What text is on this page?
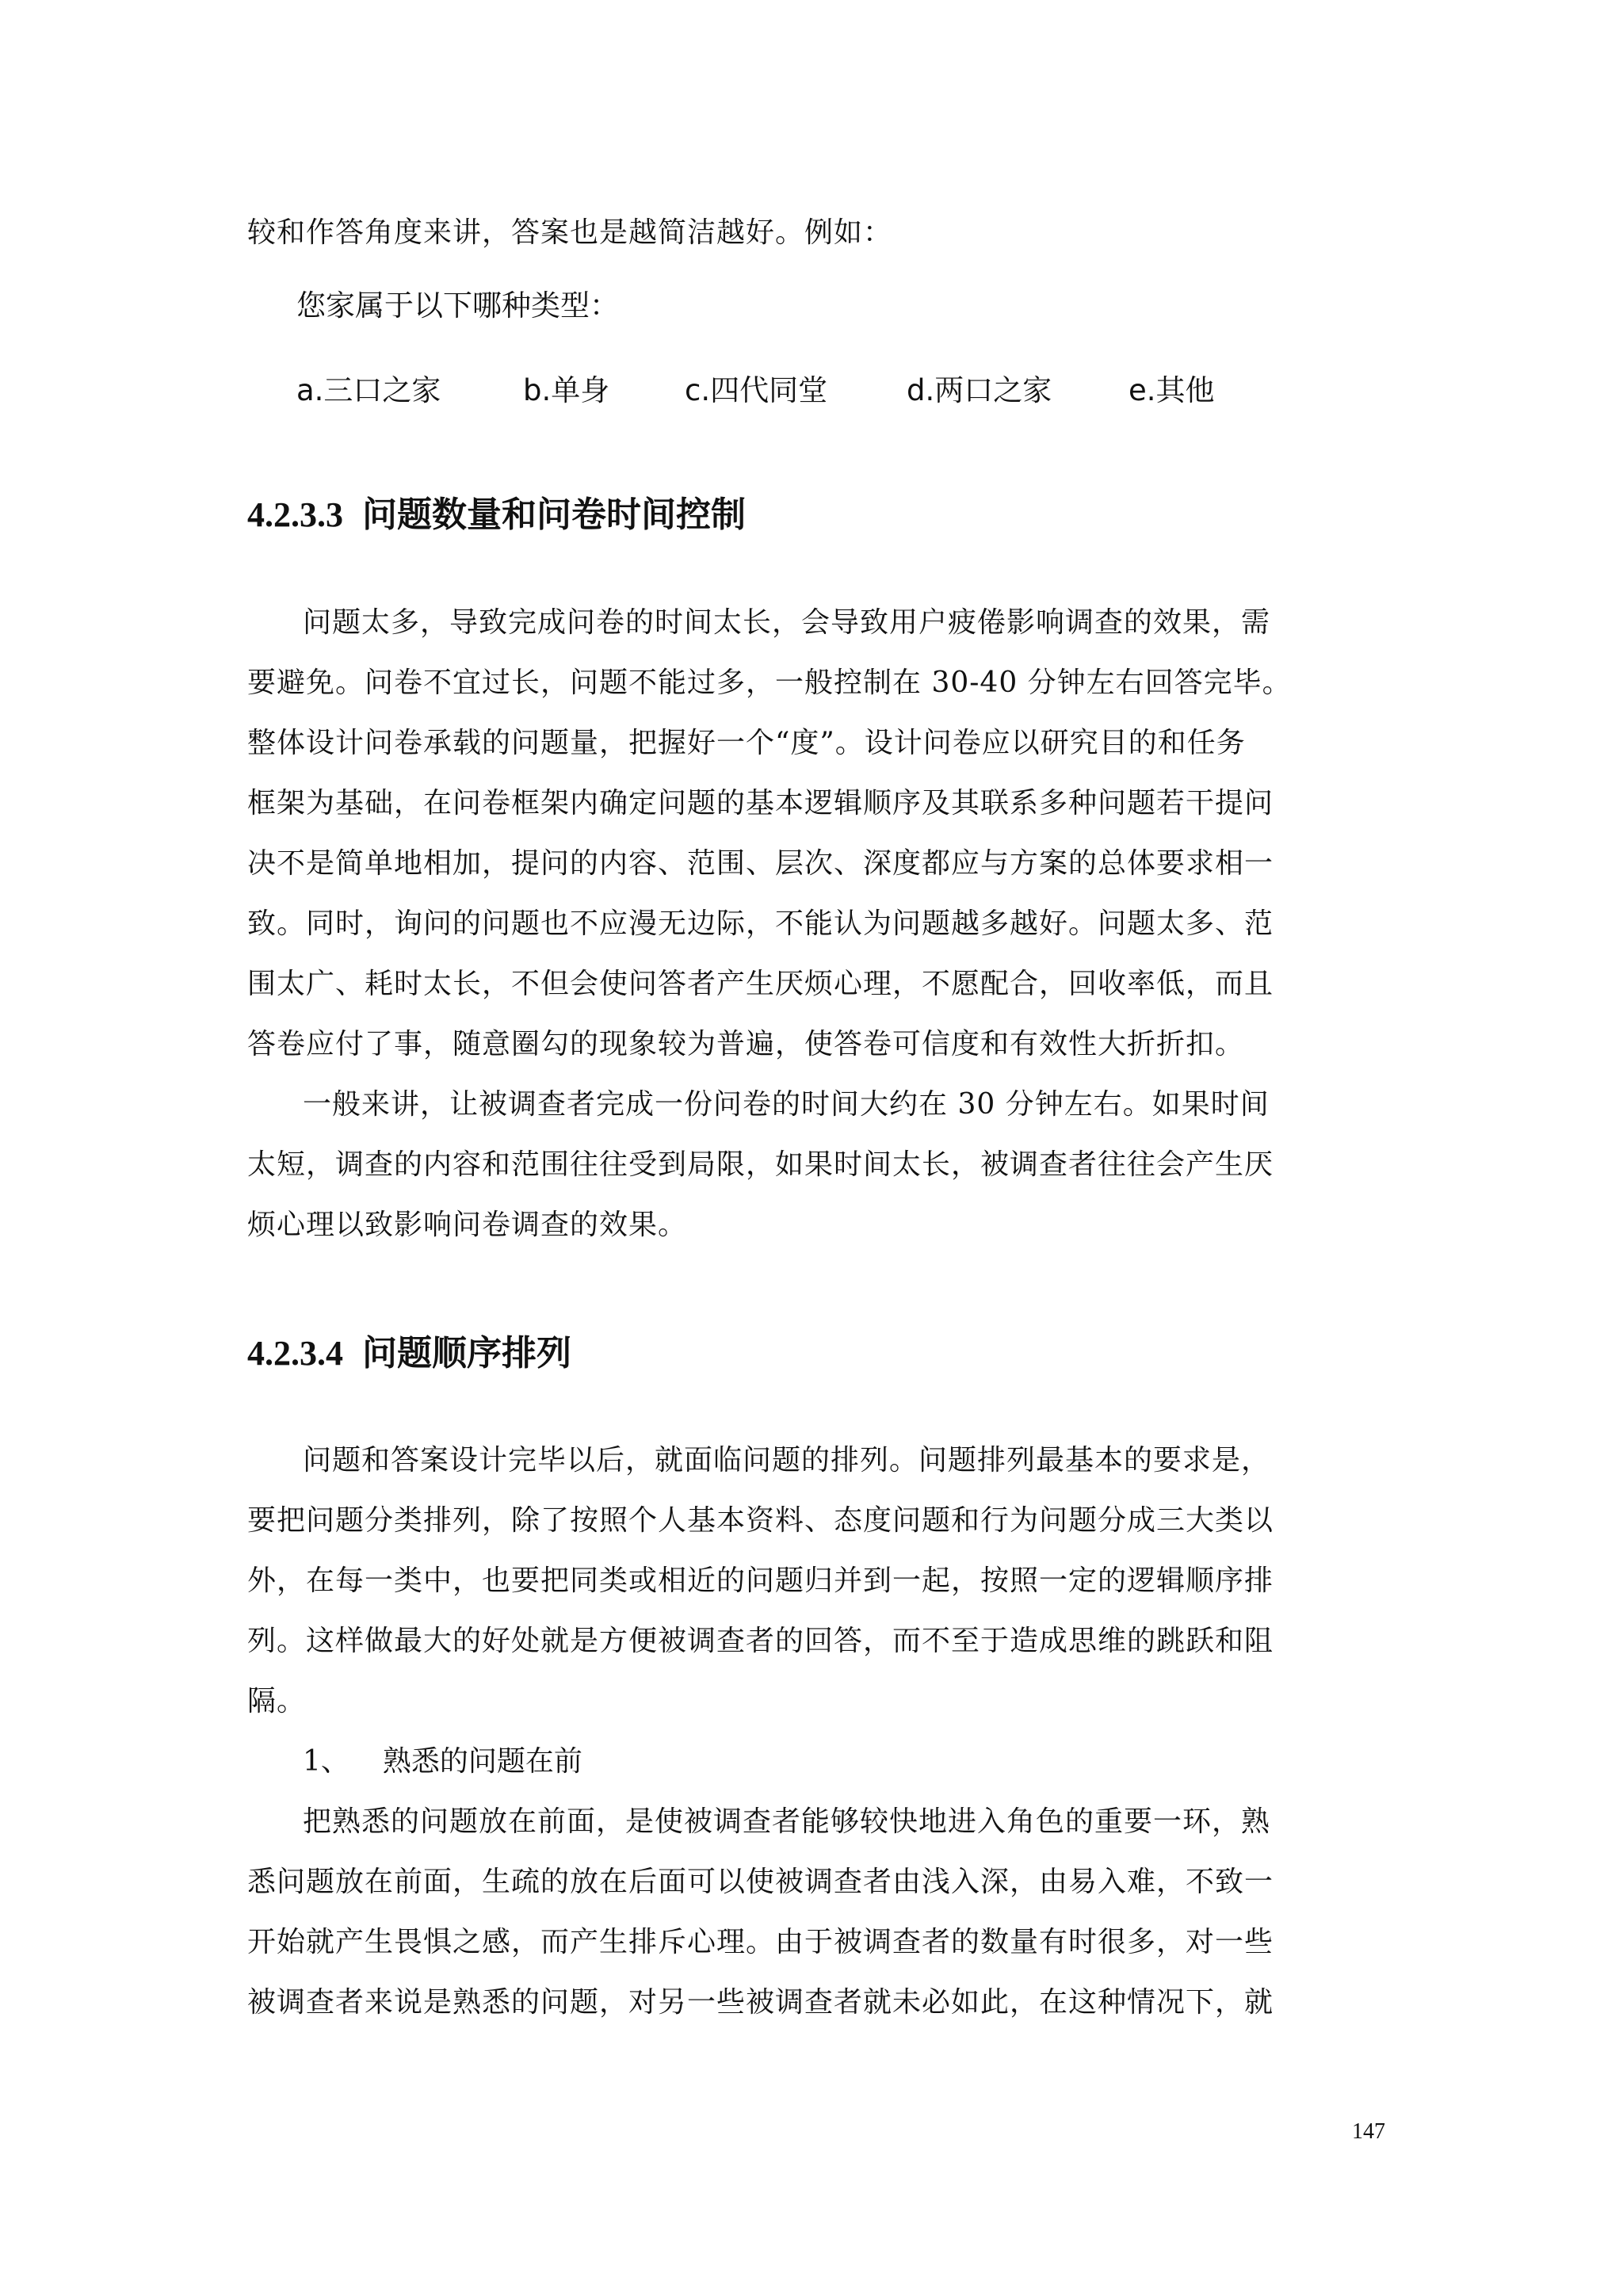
较和作答角度来讲，答案也是越简洁越好。例如：
您家属于以下哪种类型：
a.三口之家	b.单身	c.四代同堂	d.两口之家	e.其他
4.2.3.3 问题数量和问卷时间控制
问题太多，导致完成问卷的时间太长，会导致用户疲倦影响调查的效果，需
要避免。问卷不宜过长，问题不能过多，一般控制在 30-40 分钟左右回答完毕。
整体设计问卷承载的问题量，把握好一个“度”。设计问卷应以研究目的和任务
框架为基础，在问卷框架内确定问题的基本逻辑顺序及其联系多种问题若干提问
决不是简单地相加，提问的内容、范围、层次、深度都应与方案的总体要求相一
致。同时，询问的问题也不应漫无边际，不能认为问题越多越好。问题太多、范
围太广、耗时太长，不但会使问答者产生厌烦心理，不愿配合，回收率低，而且
答卷应付了事，随意圈勾的现象较为普遍，使答卷可信度和有效性大折折扣。
一般来讲，让被调查者完成一份问卷的时间大约在 30 分钟左右。如果时间
太短，调查的内容和范围往往受到局限，如果时间太长，被调查者往往会产生厌
烦心理以致影响问卷调查的效果。
4.2.3.4 问题顺序排列
问题和答案设计完毕以后，就面临问题的排列。问题排列最基本的要求是，
要把问题分类排列，除了按照个人基本资料、态度问题和行为问题分成三大类以
外，在每一类中，也要把同类或相近的问题归并到一起，按照一定的逻辑顺序排
列。这样做最大的好处就是方便被调查者的回答，而不至于造成思维的跳跃和阻
隔。
1、 熟悉的问题在前
把熟悉的问题放在前面，是使被调查者能够较快地进入角色的重要一环，熟
悉问题放在前面，生疏的放在后面可以使被调查者由浅入深，由易入难，不致一
开始就产生畏惧之感，而产生排斥心理。由于被调查者的数量有时很多，对一些
被调查者来说是熟悉的问题，对另一些被调查者就未必如此，在这种情况下，就
147
